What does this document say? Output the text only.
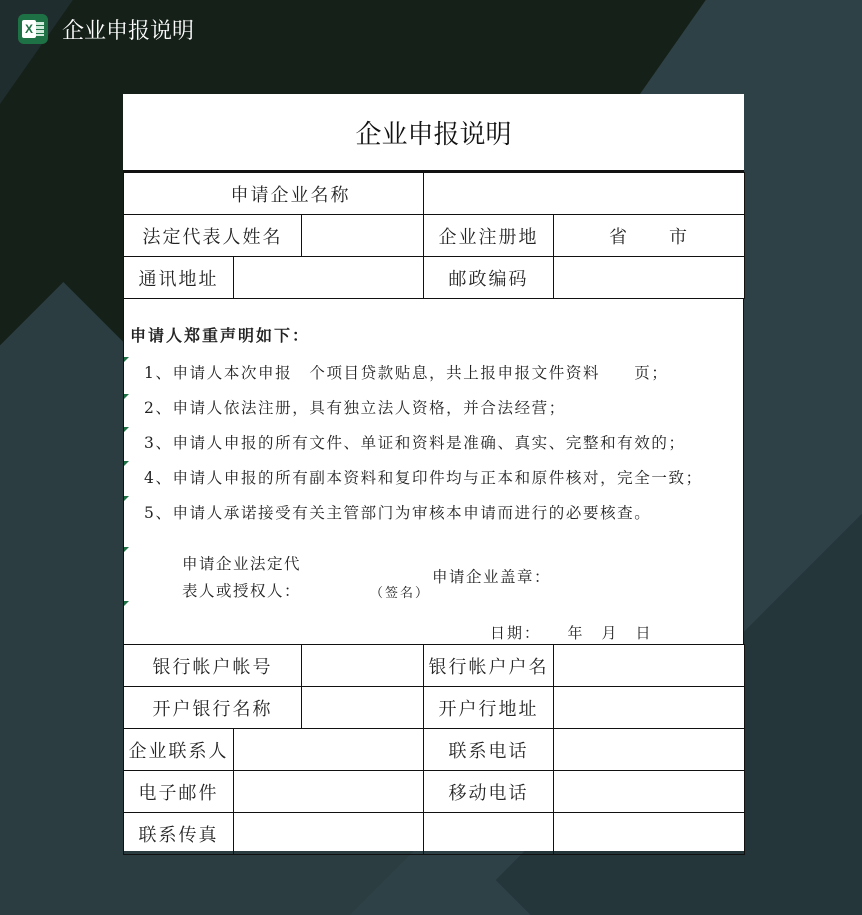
X 企业申报说明
企业申报说明
申请企业名称				
法定代表人姓名			企业注册地	省　　市
通讯地址			邮政编码	
申请人郑重声明如下：
1、申请人本次申报　个项目贷款贴息，共上报申报文件资料　　页；
2、申请人依法注册，具有独立法人资格，并合法经营；
3、申请人申报的所有文件、单证和资料是准确、真实、完整和有效的；
4、申请人申报的所有副本资料和复印件均与正本和原件核对，完全一致；
5、申请人承诺接受有关主管部门为审核本申请而进行的必要核查。
申请企业法定代
表人或授权人：	（签名）
申请企业盖章：
日期：　　年　月　日
银行帐户帐号			银行帐户户名	
开户银行名称			开户行地址	
企业联系人			联系电话	
电子邮件			移动电话	
联系传真				
